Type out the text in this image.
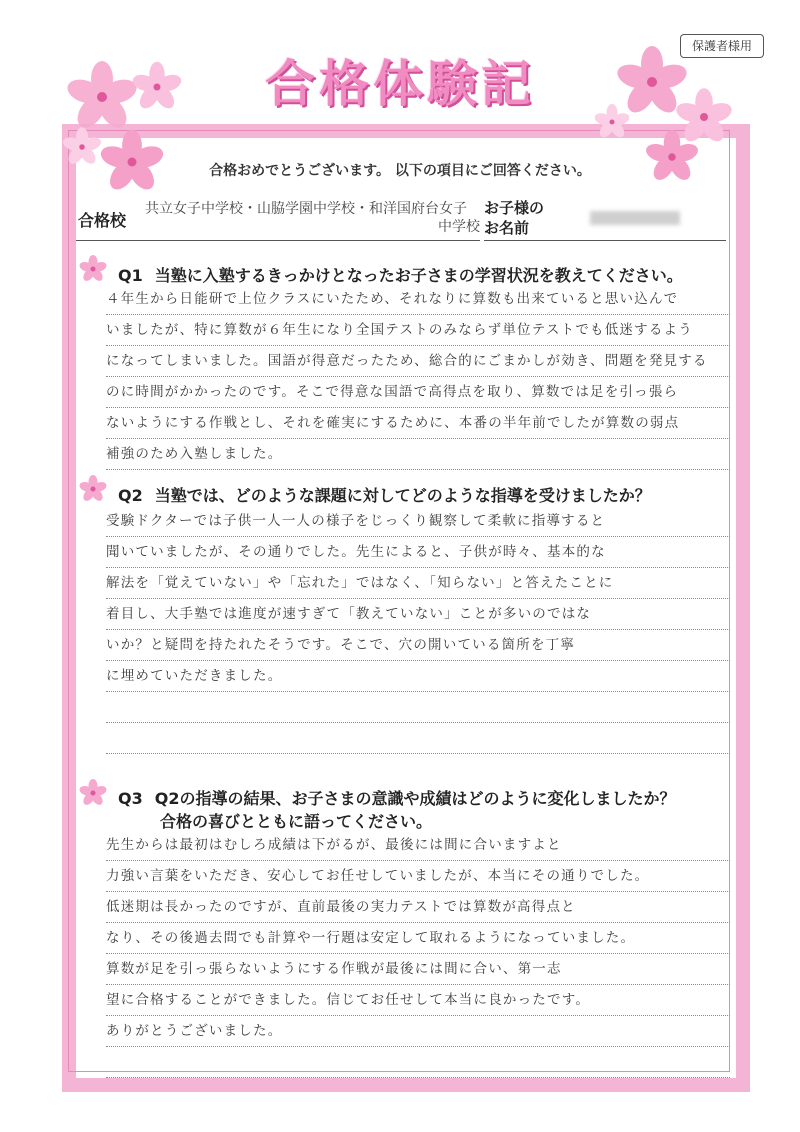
保護者様用
合格体験記
合格おめでとうございます。 以下の項目にご回答ください。
合格校
共立女子中学校・山脇学園中学校・和洋国府台女子
中学校
お子様の
お名前
Q1 当塾に入塾するきっかけとなったお子さまの学習状況を教えてください。
４年生から日能研で上位クラスにいたため、それなりに算数も出来ていると思い込んで
いましたが、特に算数が６年生になり全国テストのみならず単位テストでも低迷するよう
になってしまいました。国語が得意だったため、総合的にごまかしが効き、問題を発見する
のに時間がかかったのです。そこで得意な国語で高得点を取り、算数では足を引っ張ら
ないようにする作戦とし、それを確実にするために、本番の半年前でしたが算数の弱点
補強のため入塾しました。
Q2 当塾では、どのような課題に対してどのような指導を受けましたか？
受験ドクターでは子供一人一人の様子をじっくり観察して柔軟に指導すると
聞いていましたが、その通りでした。先生によると、子供が時々、基本的な
解法を「覚えていない」や「忘れた」ではなく、「知らない」と答えたことに
着目し、大手塾では進度が速すぎて「教えていない」ことが多いのではな
いか？と疑問を持たれたそうです。そこで、穴の開いている箇所を丁寧
に埋めていただきました。
Q3 Q2の指導の結果、お子さまの意識や成績はどのように変化しましたか？
合格の喜びとともに語ってください。
先生からは最初はむしろ成績は下がるが、最後には間に合いますよと
力強い言葉をいただき、安心してお任せしていましたが、本当にその通りでした。
低迷期は長かったのですが、直前最後の実力テストでは算数が高得点と
なり、その後過去問でも計算や一行題は安定して取れるようになっていました。
算数が足を引っ張らないようにする作戦が最後には間に合い、第一志
望に合格することができました。信じてお任せして本当に良かったです。
ありがとうございました。
